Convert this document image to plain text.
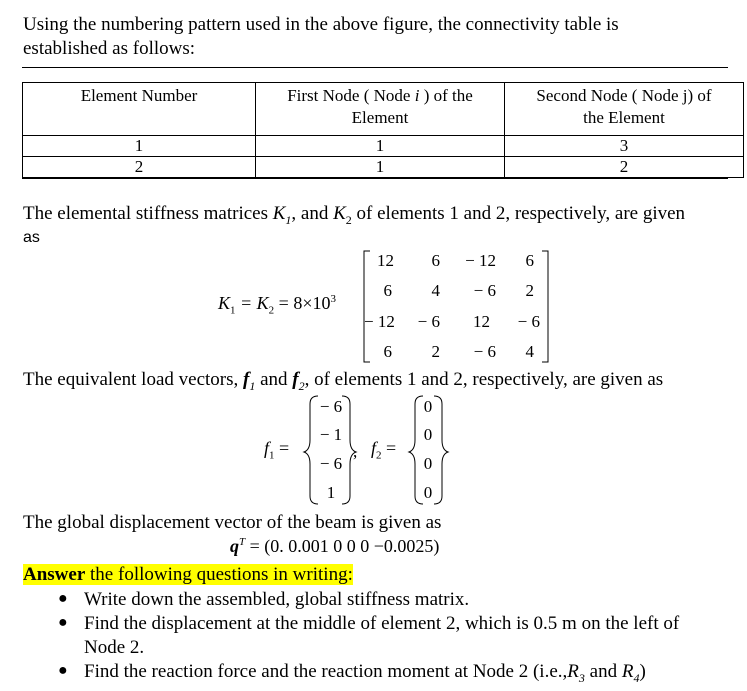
Using the numbering pattern used in the above figure, the connectivity table is
established as follows:
Element Number	First Node ( Node i ) of the
Element	Second Node ( Node j) of
the Element
1	1	3
2	1	2
The elemental stiffness matrices $K_1$, and $K_2$ of elements 1 and 2, respectively, are given
as
$K_1 = K_2 = 8\times 10^3$
12	6	− 12	6
6	4	− 6	2
− 12	− 6	12	− 6
6	2	− 6	4
The equivalent load vectors, $f_1$ and $f_2$, of elements 1 and 2, respectively, are given as
$f_1$ =	$f_2$ =
,
− 6
− 1
− 6
1
0
0
0
0
The global displacement vector of the beam is given as
$q^T = (0$. 0.001 0 0 0 −0.0025)
Answer the following questions in writing:
● Write down the assembled, global stiffness matrix.
● Find the displacement at the middle of element 2, which is 0.5 m on the left of
Node 2.
● Find the reaction force and the reaction moment at Node 2 ($i.e.,R_3$ and $R_4$)
